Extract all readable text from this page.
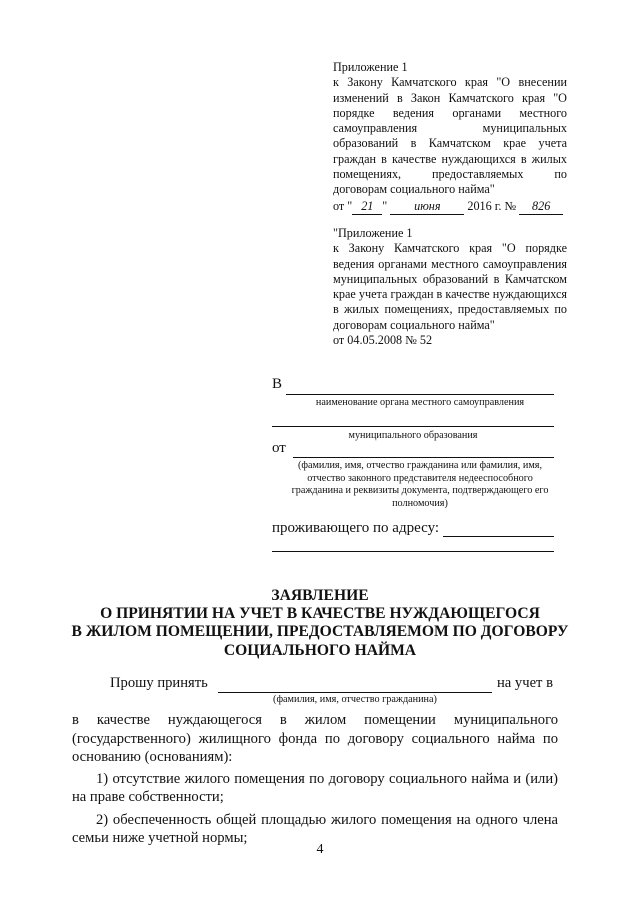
Приложение 1

к Закону Камчатского края "О внесении изменений в Закон Камчатского края "О порядке ведения органами местного самоуправления муниципальных образований в Камчатском крае учета граждан в качестве нуждающихся в жилых помещениях, предоставляемых по договорам социального найма"

от " 21 " июня 2016 г. № 826

"Приложение 1

к Закону Камчатского края "О порядке ведения органами местного самоуправления муниципальных образований в Камчатском крае учета граждан в качестве нуждающихся в жилых помещениях, предоставляемых по договорам социального найма"

от 04.05.2008 № 52

В
наименование органа местного самоуправления
муниципального образования
от
(фамилия, имя, отчество гражданина или фамилия, имя, отчество законного представителя недееспособного гражданина и реквизиты документа, подтверждающего его полномочия)
проживающего по адресу:
ЗАЯВЛЕНИЕ
О ПРИНЯТИИ НА УЧЕТ В КАЧЕСТВЕ НУЖДАЮЩЕГОСЯ
В ЖИЛОМ ПОМЕЩЕНИИ, ПРЕДОСТАВЛЯЕМОМ ПО ДОГОВОРУ
СОЦИАЛЬНОГО НАЙМА
Прошу принять	на учет в
(фамилия, имя, отчество гражданина)

в качестве нуждающегося в жилом помещении муниципального (государственного) жилищного фонда по договору социального найма по основанию (основаниям):

1) отсутствие жилого помещения по договору социального найма и (или) на праве собственности;

2) обеспеченность общей площадью жилого помещения на одного члена семьи ниже учетной нормы;

4
